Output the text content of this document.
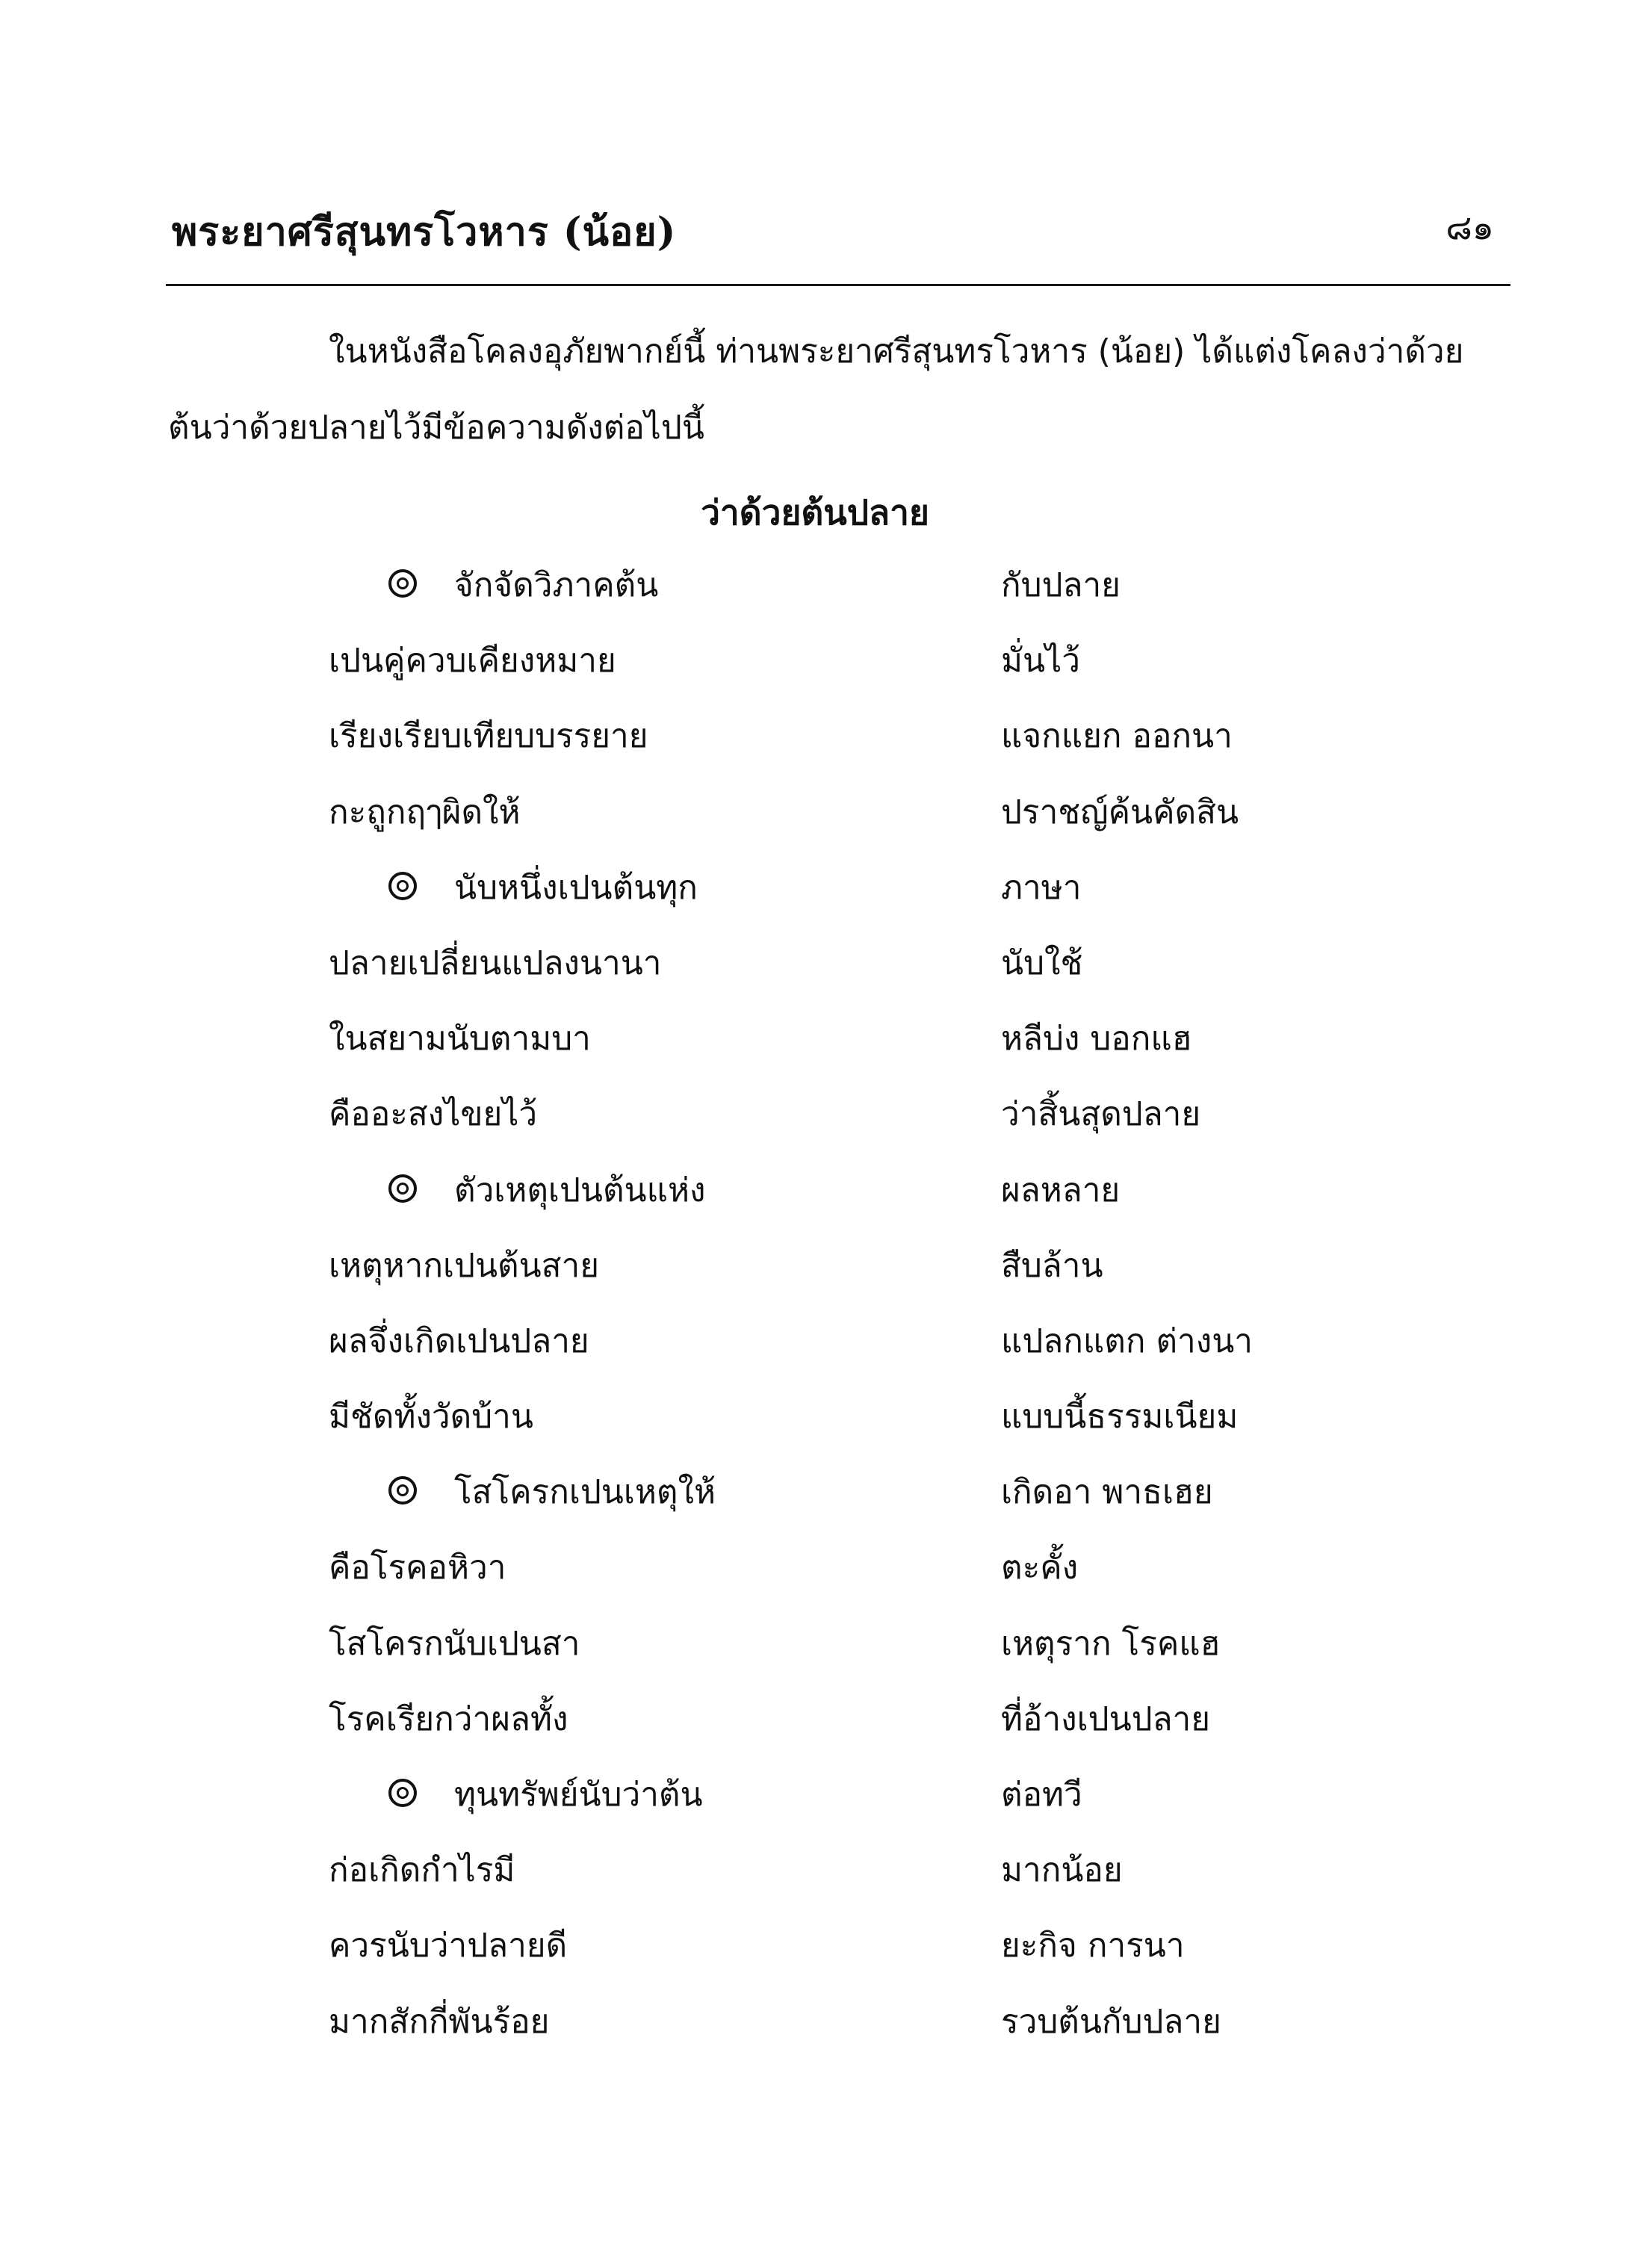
พระยาศรีสุนทรโวหาร (น้อย)	๘๑

ในหนังสือโคลงอุภัยพากย์นี้ ท่านพระยาศรีสุนทรโวหาร (น้อย) ได้แต่งโคลงว่าด้วย

ต้นว่าด้วยปลายไว้มีข้อความดังต่อไปนี้

ว่าด้วยต้นปลาย
จักจัดวิภาคต้น	กับปลาย
เปนคู่ควบเคียงหมาย	มั่นไว้
เรียงเรียบเทียบบรรยาย	แจกแยก ออกนา
กะถูกฤๅผิดให้	ปราชญ์ค้นคัดสิน
นับหนึ่งเปนต้นทุก	ภาษา
ปลายเปลี่ยนแปลงนานา	นับใช้
ในสยามนับตามบา	หลีบ่ง บอกแฮ
คืออะสงไขยไว้	ว่าสิ้นสุดปลาย
ตัวเหตุเปนต้นแห่ง	ผลหลาย
เหตุหากเปนต้นสาย	สืบล้าน
ผลจึ่งเกิดเปนปลาย	แปลกแตก ต่างนา
มีชัดทั้งวัดบ้าน	แบบนี้ธรรมเนียม
โสโครกเปนเหตุให้	เกิดอา พาธเฮย
คือโรคอหิวา	ตะคั้ง
โสโครกนับเปนสา	เหตุราก โรคแฮ
โรคเรียกว่าผลทั้ง	ที่อ้างเปนปลาย
ทุนทรัพย์นับว่าต้น	ต่อทวี
ก่อเกิดกำไรมี	มากน้อย
ควรนับว่าปลายดี	ยะกิจ การนา
มากสักกี่พันร้อย	รวบต้นกับปลาย
